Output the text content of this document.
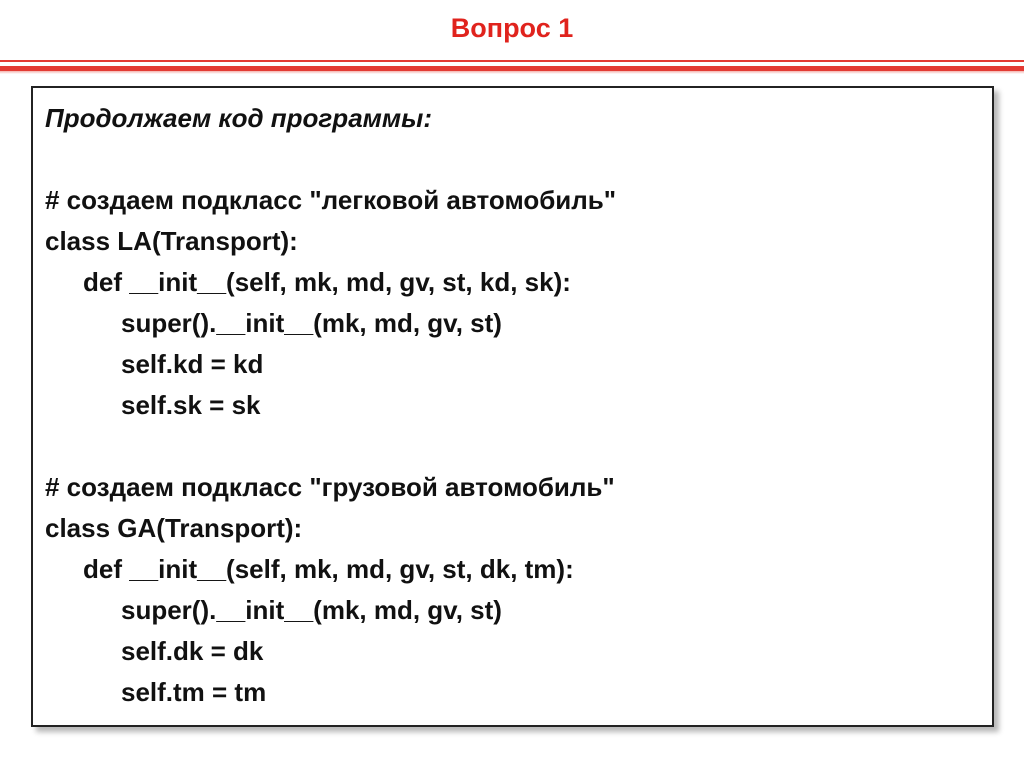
Вопрос 1
Продолжаем код программы:
# создаем подкласс "легковой автомобиль"
class LA(Transport):
def __init__(self, mk, md, gv, st, kd, sk):
super().__init__(mk, md, gv, st)
self.kd = kd
self.sk = sk
# создаем подкласс "грузовой автомобиль"
class GA(Transport):
def __init__(self, mk, md, gv, st, dk, tm):
super().__init__(mk, md, gv, st)
self.dk = dk
self.tm = tm
